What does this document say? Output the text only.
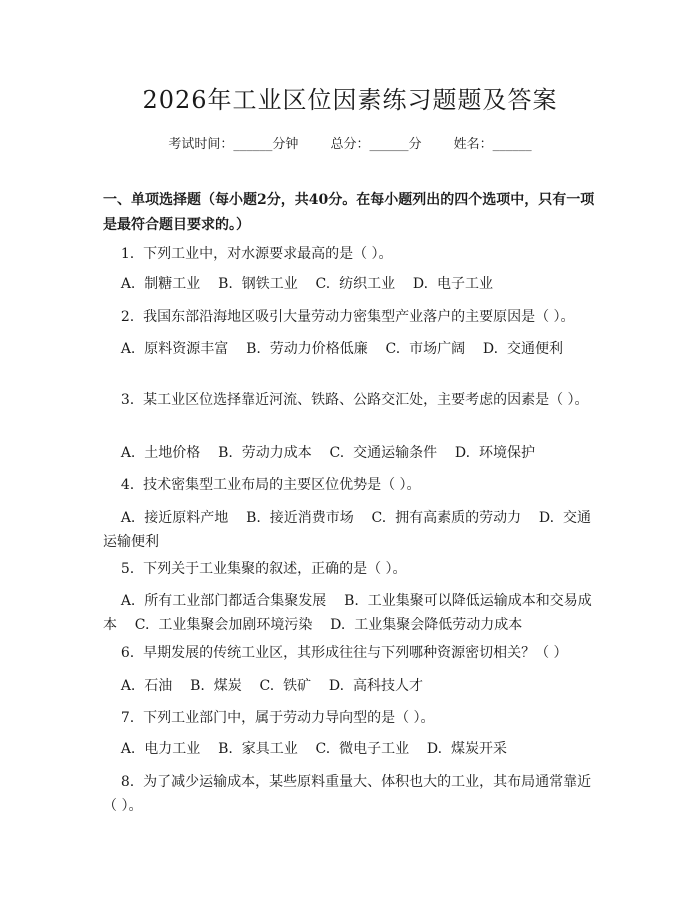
2026年工业区位因素练习题题及答案
考试时间：______分钟 总分：______分 姓名：______
一、单项选择题（每小题2分，共40分。在每小题列出的四个选项中，只有一项是最符合题目要求的。）
1.  下列工业中，对水源要求最高的是（ ）。
A.  制糖工业    B.  钢铁工业    C.  纺织工业    D.  电子工业
2.  我国东部沿海地区吸引大量劳动力密集型产业落户的主要原因是（ ）。
A.  原料资源丰富    B.  劳动力价格低廉    C.  市场广阔    D.  交通便利
3.  某工业区位选择靠近河流、铁路、公路交汇处，主要考虑的因素是（ ）。
A.  土地价格    B.  劳动力成本    C.  交通运输条件    D.  环境保护
4.  技术密集型工业布局的主要区位优势是（ ）。
A.  接近原料产地    B.  接近消费市场    C.  拥有高素质的劳动力    D.  交通运输便利
5.  下列关于工业集聚的叙述，正确的是（ ）。
A.  所有工业部门都适合集聚发展    B.  工业集聚可以降低运输成本和交易成本    C.  工业集聚会加剧环境污染    D.  工业集聚会降低劳动力成本
6.  早期发展的传统工业区，其形成往往与下列哪种资源密切相关？（ ）
A.  石油    B.  煤炭    C.  铁矿    D.  高科技人才
7.  下列工业部门中，属于劳动力导向型的是（ ）。
A.  电力工业    B.  家具工业    C.  微电子工业    D.  煤炭开采
8.  为了减少运输成本，某些原料重量大、体积也大的工业，其布局通常靠近（ ）。
